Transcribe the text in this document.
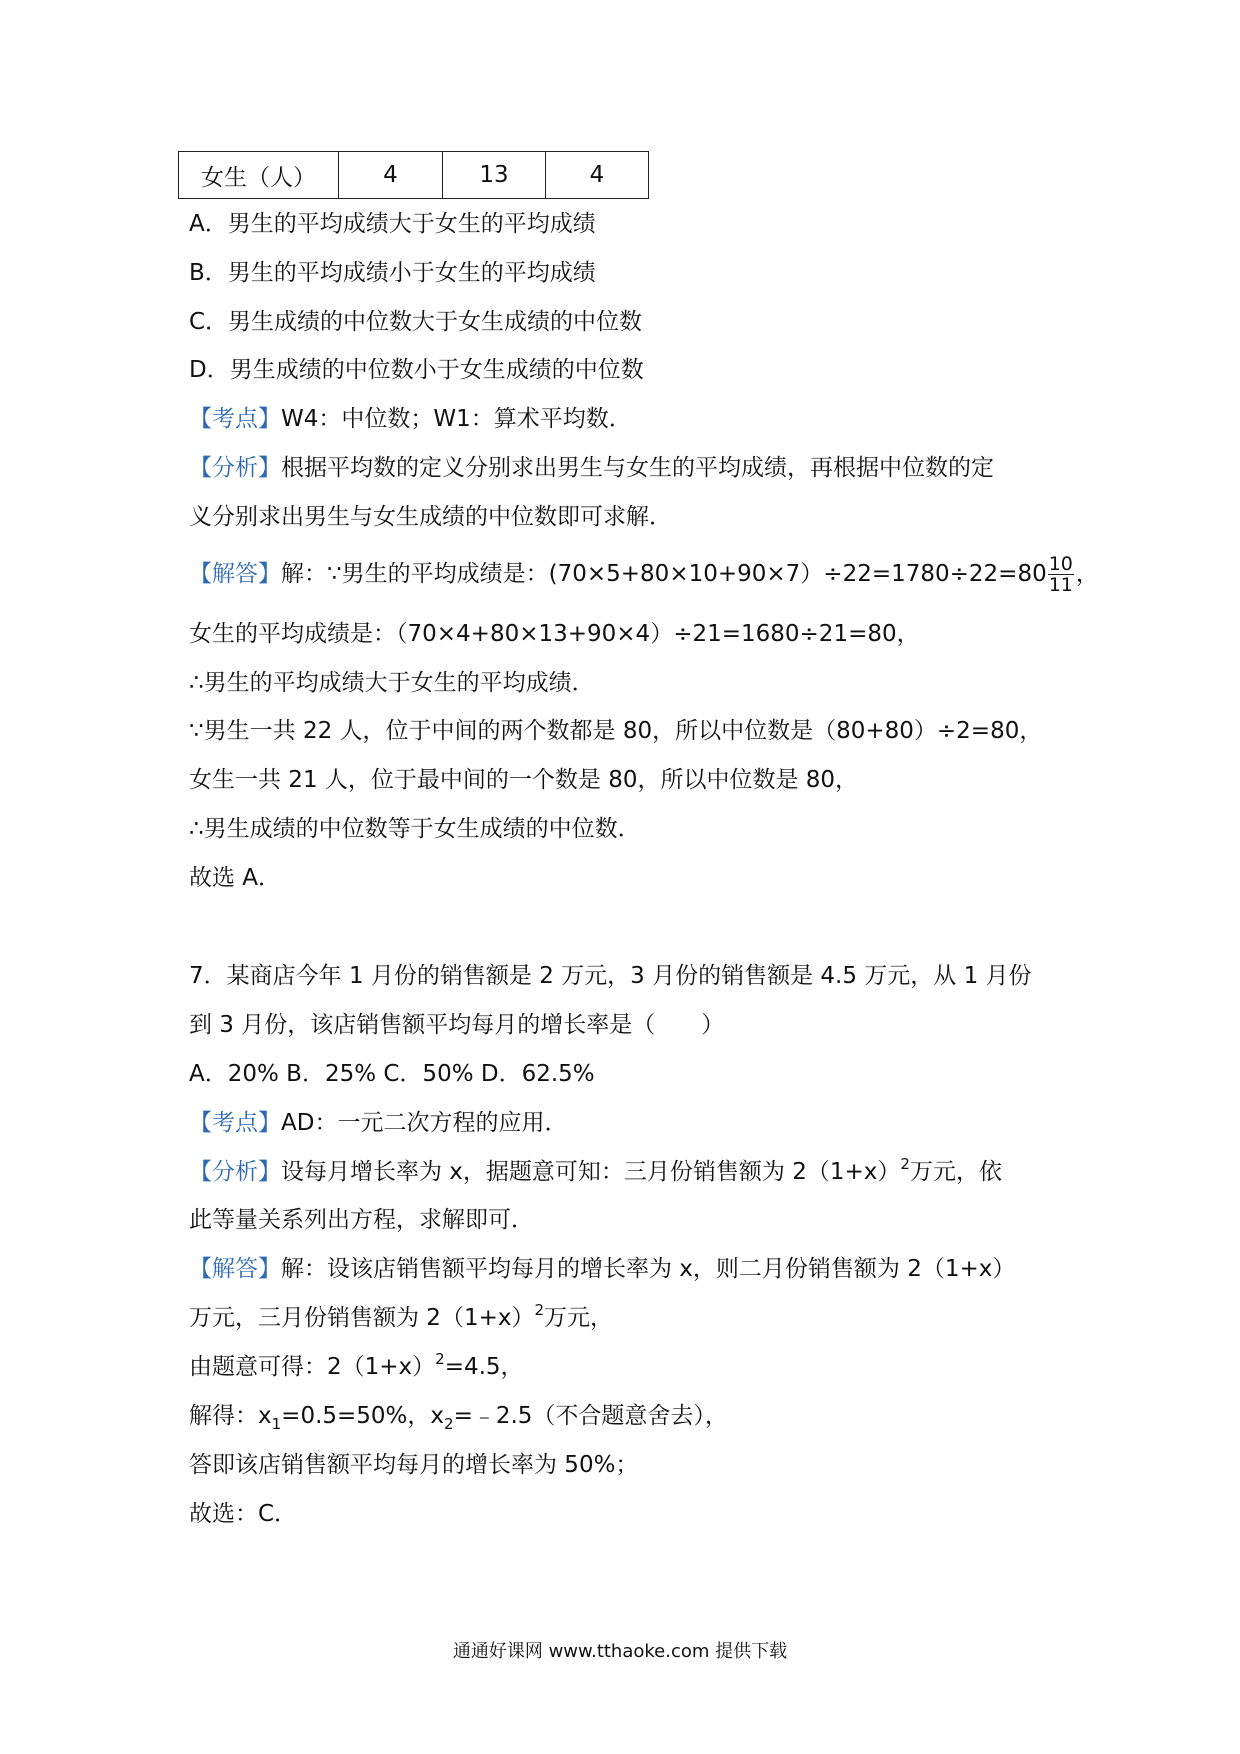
女生（人）	4	13	4
A．男生的平均成绩大于女生的平均成绩
B．男生的平均成绩小于女生的平均成绩
C．男生成绩的中位数大于女生成绩的中位数
D．男生成绩的中位数小于女生成绩的中位数
【考点】W4：中位数；W1：算术平均数．
【分析】根据平均数的定义分别求出男生与女生的平均成绩，再根据中位数的定
义分别求出男生与女生成绩的中位数即可求解．
【解答】解：∵男生的平均成绩是：$(70\times 5+80\times 10+90\times 7)\div 22=1780\div 22=80 \frac{10}{11}$ ，
女生的平均成绩是：（70×4+80×13+90×4）÷21=1680÷21=80，
∴男生的平均成绩大于女生的平均成绩．
∵男生一共 22 人，位于中间的两个数都是 80，所以中位数是（80+80）÷2=80，
女生一共 21 人，位于最中间的一个数是 80，所以中位数是 80，
∴男生成绩的中位数等于女生成绩的中位数．
故选 A．
7．某商店今年 1 月份的销售额是 2 万元，3 月份的销售额是 4.5 万元，从 1 月份
到 3 月份，该店销售额平均每月的增长率是（　　）
A．20% B．25% C．50% D．62.5%
【考点】AD：一元二次方程的应用．
【分析】设每月增长率为 x，据题意可知：三月份销售额为 $2(1+x)^2$万元，依
此等量关系列出方程，求解即可．
【解答】解：设该店销售额平均每月的增长率为 x，则二月份销售额为 2（1+x）
万元，三月份销售额为 $2(1+x)^2$万元，
由题意可得：$2(1+x)^2=4.5$，
解得：$x_1=0.5=50\%$，$x_2=﹣2.5$（不合题意舍去），
答即该店销售额平均每月的增长率为 50%；
故选：C．
通通好课网 www.tthaoke.com 提供下载
